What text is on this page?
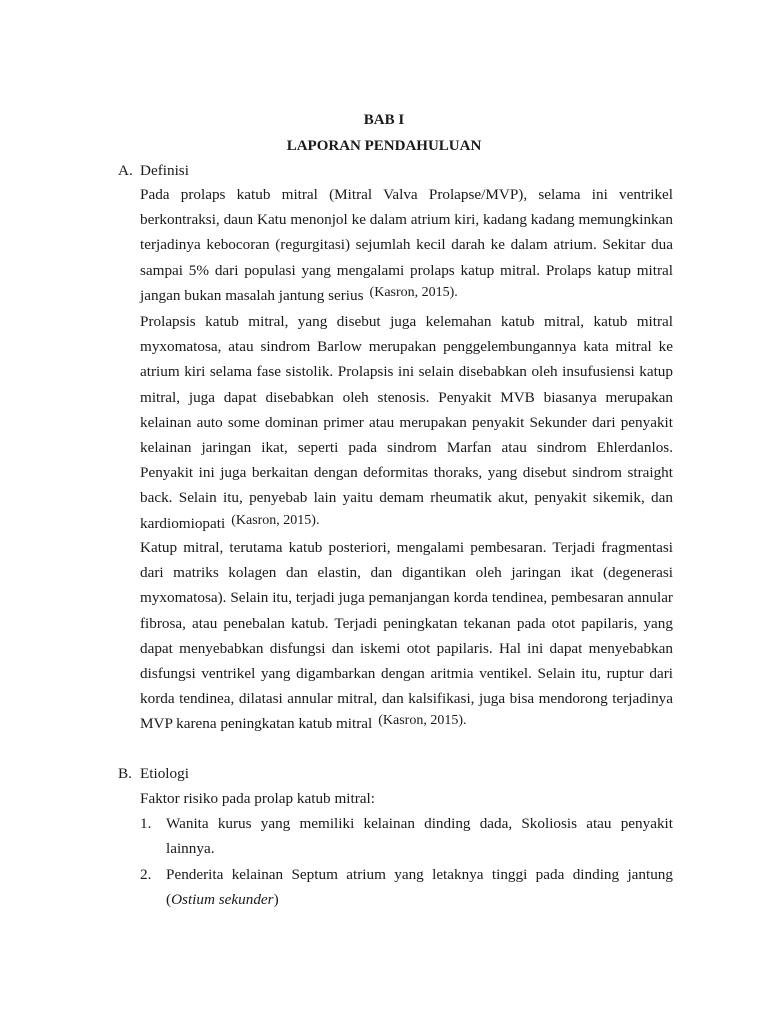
BAB I
LAPORAN PENDAHULUAN
A. Definisi
Pada prolaps katub mitral (Mitral Valva Prolapse/MVP), selama ini ventrikel berkontraksi, daun Katu menonjol ke dalam atrium kiri, kadang kadang memungkinkan terjadinya kebocoran (regurgitasi) sejumlah kecil darah ke dalam atrium. Sekitar dua sampai 5% dari populasi yang mengalami prolaps katup mitral. Prolaps katup mitral jangan bukan masalah jantung serius (Kasron, 2015).
Prolapsis katub mitral, yang disebut juga kelemahan katub mitral, katub mitral myxomatosa, atau sindrom Barlow merupakan penggelembungannya kata mitral ke atrium kiri selama fase sistolik. Prolapsis ini selain disebabkan oleh insufusiensi katup mitral, juga dapat disebabkan oleh stenosis. Penyakit MVB biasanya merupakan kelainan auto some dominan primer atau merupakan penyakit Sekunder dari penyakit kelainan jaringan ikat, seperti pada sindrom Marfan atau sindrom Ehlerdanlos. Penyakit ini juga berkaitan dengan deformitas thoraks, yang disebut sindrom straight back. Selain itu, penyebab lain yaitu demam rheumatik akut, penyakit sikemik, dan kardiomiopati (Kasron, 2015).
Katup mitral, terutama katub posteriori, mengalami pembesaran. Terjadi fragmentasi dari matriks kolagen dan elastin, dan digantikan oleh jaringan ikat (degenerasi myxomatosa). Selain itu, terjadi juga pemanjangan korda tendinea, pembesaran annular fibrosa, atau penebalan katub. Terjadi peningkatan tekanan pada otot papilaris, yang dapat menyebabkan disfungsi dan iskemi otot papilaris. Hal ini dapat menyebabkan disfungsi ventrikel yang digambarkan dengan aritmia ventikel. Selain itu, ruptur dari korda tendinea, dilatasi annular mitral, dan kalsifikasi, juga bisa mendorong terjadinya MVP karena peningkatan katub mitral (Kasron, 2015).
B. Etiologi
Faktor risiko pada prolap katub mitral:
1. Wanita kurus yang memiliki kelainan dinding dada, Skoliosis atau penyakit lainnya.
2. Penderita kelainan Septum atrium yang letaknya tinggi pada dinding jantung (Ostium sekunder)
